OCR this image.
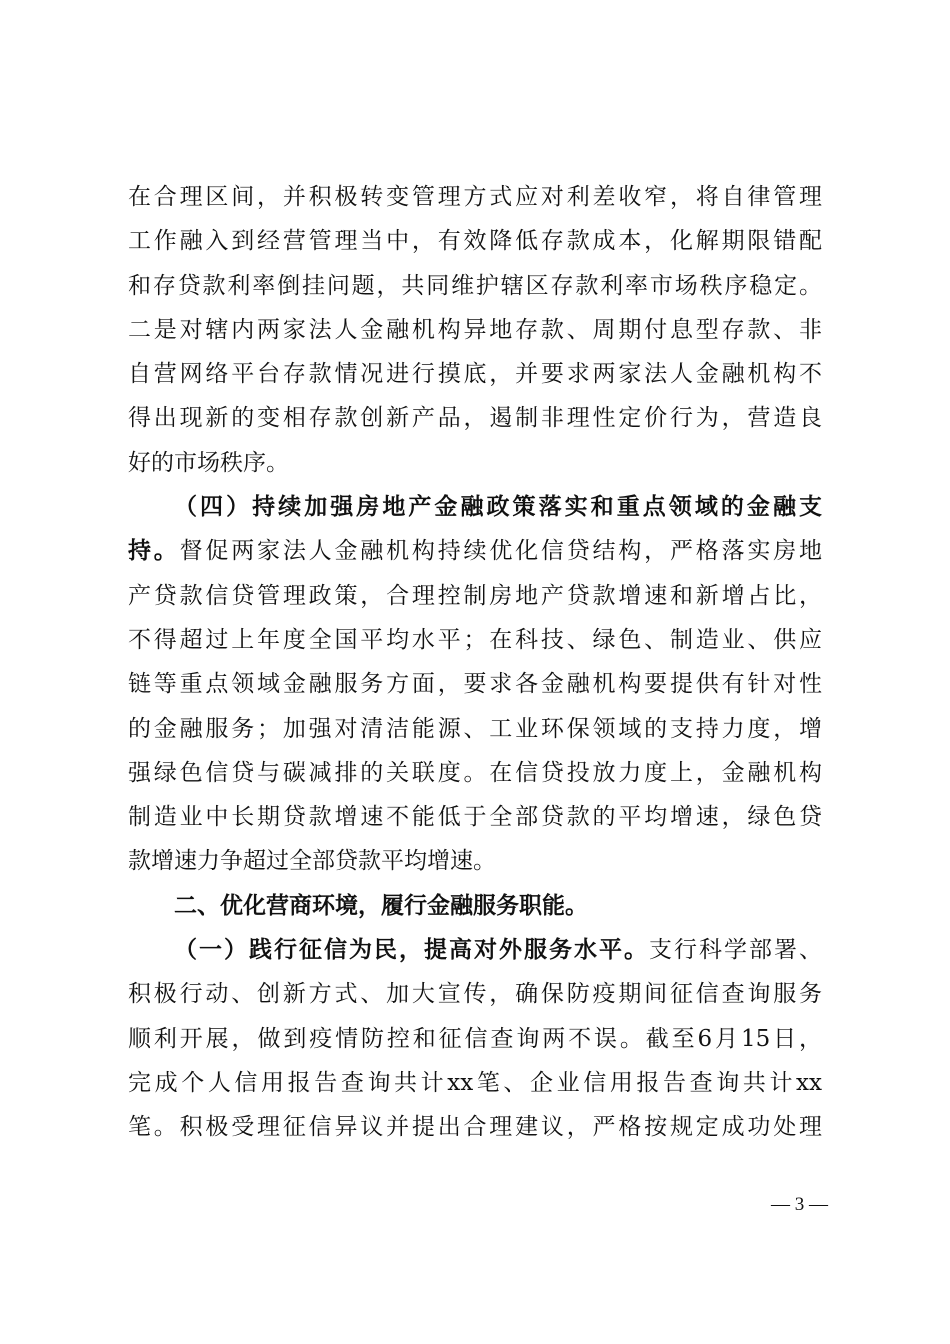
在合理区间，并积极转变管理方式应对利差收窄，将自律管理
工作融入到经营管理当中，有效降低存款成本，化解期限错配
和存贷款利率倒挂问题，共同维护辖区存款利率市场秩序稳定。
二是对辖内两家法人金融机构异地存款、周期付息型存款、非
自营网络平台存款情况进行摸底，并要求两家法人金融机构不
得出现新的变相存款创新产品，遏制非理性定价行为，营造良
好的市场秩序。
（四）持续加强房地产金融政策落实和重点领域的金融支
持。督促两家法人金融机构持续优化信贷结构，严格落实房地
产贷款信贷管理政策，合理控制房地产贷款增速和新增占比，
不得超过上年度全国平均水平；在科技、绿色、制造业、供应
链等重点领域金融服务方面，要求各金融机构要提供有针对性
的金融服务；加强对清洁能源、工业环保领域的支持力度，增
强绿色信贷与碳减排的关联度。在信贷投放力度上，金融机构
制造业中长期贷款增速不能低于全部贷款的平均增速，绿色贷
款增速力争超过全部贷款平均增速。
二、优化营商环境，履行金融服务职能。
（一）践行征信为民，提高对外服务水平。支行科学部署、
积极行动、创新方式、加大宣传，确保防疫期间征信查询服务
顺利开展，做到疫情防控和征信查询两不误。截至6月15日，
完成个人信用报告查询共计xx笔、企业信用报告查询共计xx
笔。积极受理征信异议并提出合理建议，严格按规定成功处理
— 3 —
